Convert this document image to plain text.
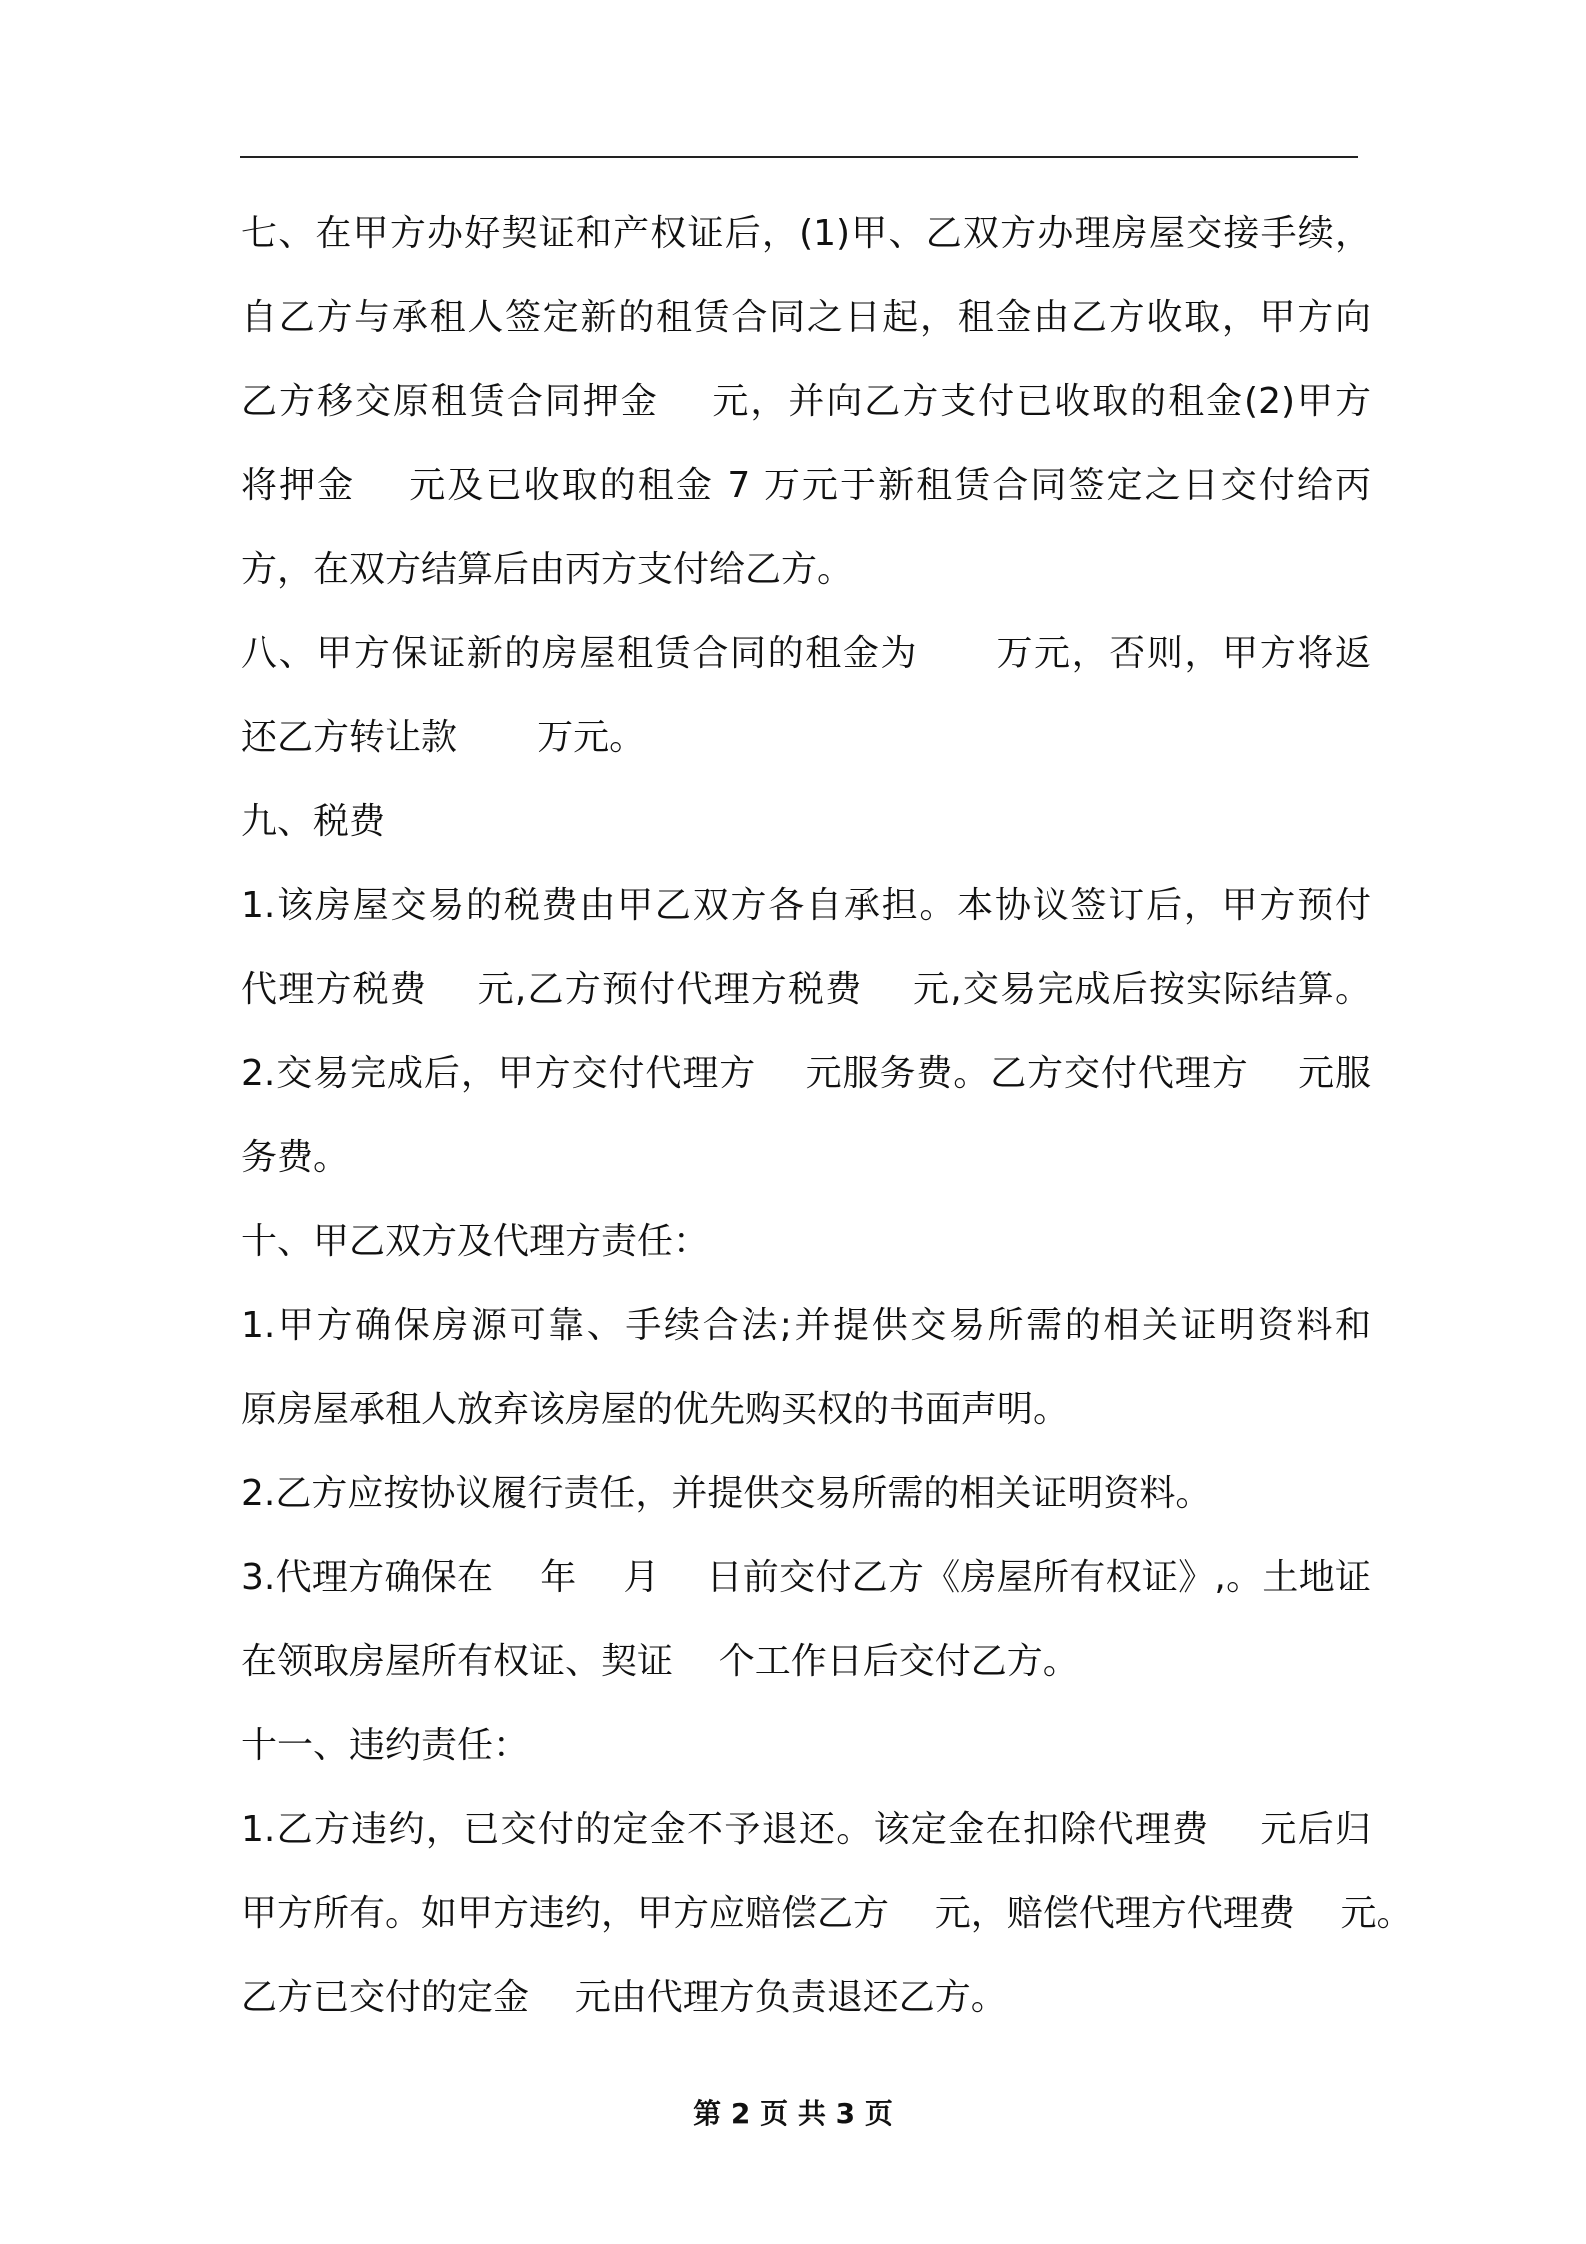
七、在甲方办好契证和产权证后，(1)甲、乙双方办理房屋交接手续，
自乙方与承租人签定新的租赁合同之日起，租金由乙方收取，甲方向
乙方移交原租赁合同押金    元，并向乙方支付已收取的租金(2)甲方
将押金    元及已收取的租金 7 万元于新租赁合同签定之日交付给丙
方，在双方结算后由丙方支付给乙方。
八、甲方保证新的房屋租赁合同的租金为      万元，否则，甲方将返
还乙方转让款       万元。
九、税费
1.该房屋交易的税费由甲乙双方各自承担。本协议签订后，甲方预付
代理方税费    元,乙方预付代理方税费    元,交易完成后按实际结算。
2.交易完成后，甲方交付代理方    元服务费。乙方交付代理方    元服
务费。
十、甲乙双方及代理方责任：
1.甲方确保房源可靠、手续合法;并提供交易所需的相关证明资料和
原房屋承租人放弃该房屋的优先购买权的书面声明。
2.乙方应按协议履行责任，并提供交易所需的相关证明资料。
3.代理方确保在    年    月    日前交付乙方《房屋所有权证》,。土地证
在领取房屋所有权证、契证    个工作日后交付乙方。
十一、违约责任：
1.乙方违约，已交付的定金不予退还。该定金在扣除代理费    元后归
甲方所有。如甲方违约，甲方应赔偿乙方    元，赔偿代理方代理费    元。
乙方已交付的定金    元由代理方负责退还乙方。
第 2 页 共 3 页
